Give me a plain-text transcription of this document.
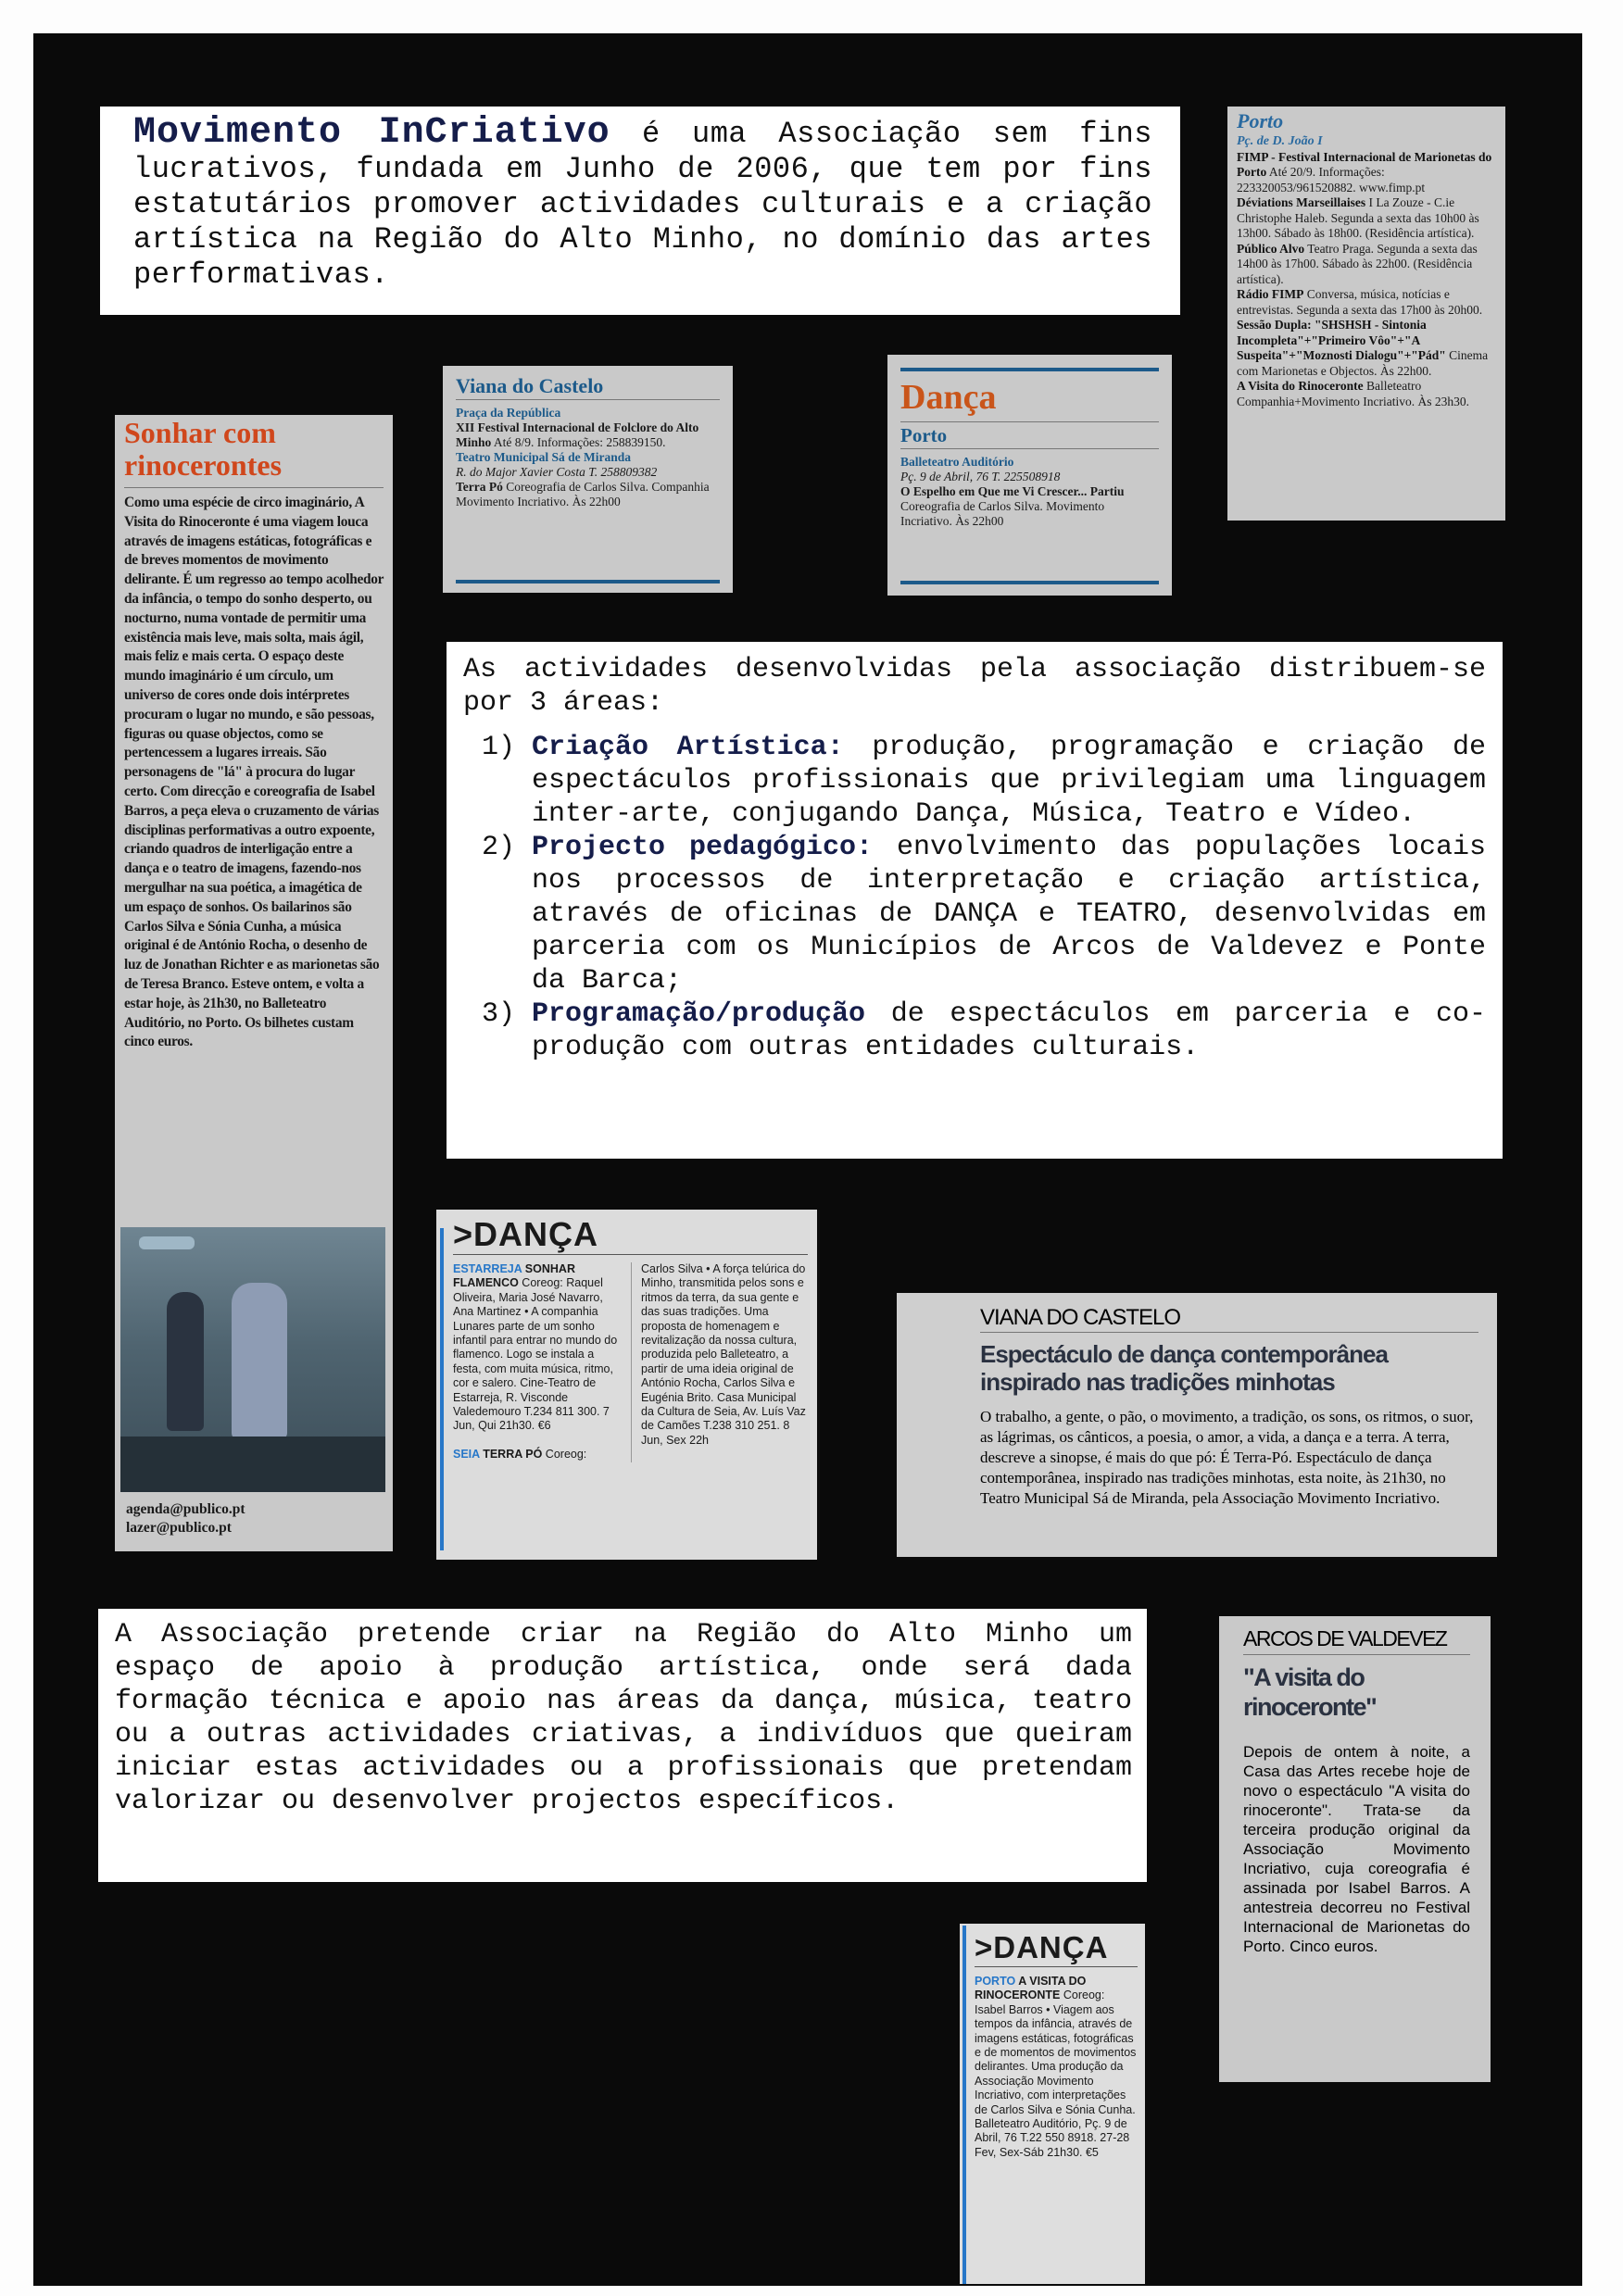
Movimento InCriativo é uma Associação sem fins lucrativos, fundada em Junho de 2006, que tem por fins estatutários promover actividades culturais e a criação artística na Região do Alto Minho, no domínio das artes performativas.
Porto
Pç. de D. João I
FIMP - Festival Internacional de Marionetas do Porto Até 20/9. Informações: 223320053/961520882. www.fimp.pt
Déviations Marseillaises I La Zouze - C.ie Christophe Haleb. Segunda a sexta das 10h00 às 13h00. Sábado às 18h00. (Residência artística).
Público Alvo Teatro Praga. Segunda a sexta das 14h00 às 17h00. Sábado às 22h00. (Residência artística).
Rádio FIMP Conversa, música, notícias e entrevistas. Segunda a sexta das 17h00 às 20h00.
Sessão Dupla: "SHSHSH - Sintonia Incompleta"+"Primeiro Vôo"+"A Suspeita"+"Moznosti Dialogu"+"Pád" Cinema com Marionetas e Objectos. Às 22h00.
A Visita do Rinoceronte Balleteatro Companhia+Movimento Incriativo. Às 23h30.
Viana do Castelo
Praça da República
XII Festival Internacional de Folclore do Alto Minho Até 8/9. Informações: 258839150.
Teatro Municipal Sá de Miranda
R. do Major Xavier Costa T. 258809382
Terra Pó Coreografia de Carlos Silva. Companhia Movimento Incriativo. Às 22h00
Dança
Porto
Balleteatro Auditório
Pç. 9 de Abril, 76 T. 225508918
O Espelho em Que me Vi Crescer... Partiu Coreografia de Carlos Silva. Movimento Incriativo. Às 22h00
Sonhar com rinocerontes
Como uma espécie de circo imaginário, A Visita do Rinoceronte é uma viagem louca através de imagens estáticas, fotográficas e de breves momentos de movimento delirante. É um regresso ao tempo acolhedor da infância, o tempo do sonho desperto, ou nocturno, numa vontade de permitir uma existência mais leve, mais solta, mais ágil, mais feliz e mais certa. O espaço deste mundo imaginário é um círculo, um universo de cores onde dois intérpretes procuram o lugar no mundo, e são pessoas, figuras ou quase objectos, como se pertencessem a lugares irreais. São personagens de "lá" à procura do lugar certo. Com direcção e coreografia de Isabel Barros, a peça eleva o cruzamento de várias disciplinas performativas a outro expoente, criando quadros de interligação entre a dança e o teatro de imagens, fazendo-nos mergulhar na sua poética, a imagética de um espaço de sonhos. Os bailarinos são Carlos Silva e Sónia Cunha, a música original é de António Rocha, o desenho de luz de Jonathan Richter e as marionetas são de Teresa Branco. Esteve ontem, e volta a estar hoje, às 21h30, no Balleteatro Auditório, no Porto. Os bilhetes custam cinco euros.
agenda@publico.pt
lazer@publico.pt
As actividades desenvolvidas pela associação distribuem-se por 3 áreas:
1) Criação Artística: produção, programação e criação de espectáculos profissionais que privilegiam uma linguagem inter-arte, conjugando Dança, Música, Teatro e Vídeo.
2) Projecto pedagógico: envolvimento das populações locais nos processos de interpretação e criação artística, através de oficinas de DANÇA e TEATRO, desenvolvidas em parceria com os Municípios de Arcos de Valdevez e Ponte da Barca;
3) Programação/produção de espectáculos em parceria e co-produção com outras entidades culturais.
>DANÇA
ESTARREJA SONHAR FLAMENCO Coreog: Raquel Oliveira, Maria José Navarro, Ana Martinez • A companhia Lunares parte de um sonho infantil para entrar no mundo do flamenco. Logo se instala a festa, com muita música, ritmo, cor e salero. Cine-Teatro de Estarreja, R. Visconde Valedemouro T.234 811 300. 7 Jun, Qui 21h30. €6

SEIA TERRA PÓ Coreog:
Carlos Silva • A força telúrica do Minho, transmitida pelos sons e ritmos da terra, da sua gente e das suas tradições. Uma proposta de homenagem e revitalização da nossa cultura, produzida pelo Balleteatro, a partir de uma ideia original de António Rocha, Carlos Silva e Eugénia Brito. Casa Municipal da Cultura de Seia, Av. Luís Vaz de Camões T.238 310 251. 8 Jun, Sex 22h
VIANA DO CASTELO
Espectáculo de dança contemporânea inspirado nas tradições minhotas
O trabalho, a gente, o pão, o movimento, a tradição, os sons, os ritmos, o suor, as lágrimas, os cânticos, a poesia, o amor, a vida, a dança e a terra. A terra, descreve a sinopse, é mais do que pó: É Terra-Pó. Espectáculo de dança contemporânea, inspirado nas tradições minhotas, esta noite, às 21h30, no Teatro Municipal Sá de Miranda, pela Associação Movimento Incriativo.
A Associação pretende criar na Região do Alto Minho um espaço de apoio à produção artística, onde será dada formação técnica e apoio nas áreas da dança, música, teatro ou a outras actividades criativas, a indivíduos que queiram iniciar estas actividades ou a profissionais que pretendam valorizar ou desenvolver projectos específicos.
ARCOS DE VALDEVEZ
"A visita do rinoceronte"
Depois de ontem à noite, a Casa das Artes recebe hoje de novo o espectáculo "A visita do rinoceronte". Trata-se da terceira produção original da Associação Movimento Incriativo, cuja coreografia é assinada por Isabel Barros. A antestreia decorreu no Festival Internacional de Marionetas do Porto. Cinco euros.
>DANÇA
PORTO A VISITA DO RINOCERONTE Coreog: Isabel Barros • Viagem aos tempos da infância, através de imagens estáticas, fotográficas e de momentos de movimentos delirantes. Uma produção da Associação Movimento Incriativo, com interpretações de Carlos Silva e Sónia Cunha. Balleteatro Auditório, Pç. 9 de Abril, 76 T.22 550 8918. 27-28 Fev, Sex-Sáb 21h30. €5
